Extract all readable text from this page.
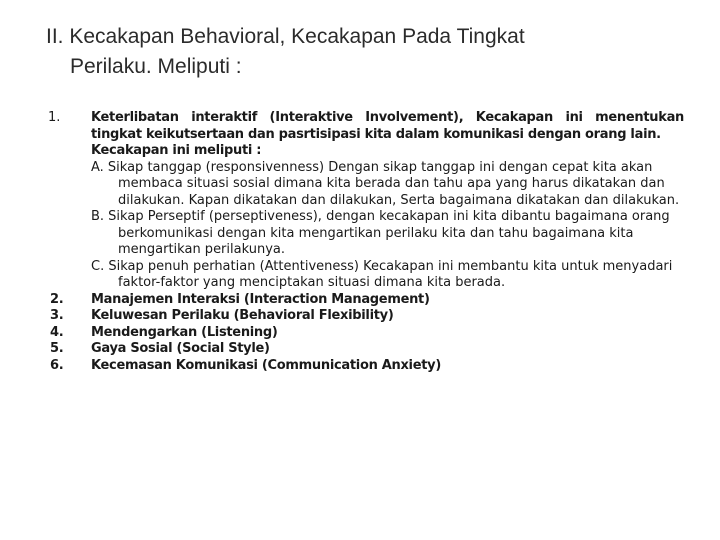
II. Kecakapan Behavioral, Kecakapan Pada Tingkat
Perilaku. Meliputi :
1. Keterlibatan interaktif (Interaktive Involvement), Kecakapan ini menentukan tingkat keikutsertaan dan pasrtisipasi kita dalam komunikasi dengan orang lain.
Kecakapan ini meliputi :
A. Sikap tanggap (responsivenness) Dengan sikap tanggap ini dengan cepat kita akan membaca situasi sosial dimana kita berada dan tahu apa yang harus dikatakan dan dilakukan. Kapan dikatakan dan dilakukan, Serta bagaimana dikatakan dan dilakukan.
B. Sikap Perseptif (perseptiveness), dengan kecakapan ini kita dibantu bagaimana orang berkomunikasi dengan kita mengartikan perilaku kita dan tahu bagaimana kita mengartikan perilakunya.
C. Sikap penuh perhatian (Attentiveness) Kecakapan ini membantu kita untuk menyadari faktor-faktor yang menciptakan situasi dimana kita berada.
2. Manajemen Interaksi (Interaction Management)
3. Keluwesan Perilaku (Behavioral Flexibility)
4. Mendengarkan (Listening)
5. Gaya Sosial (Social Style)
6. Kecemasan Komunikasi (Communication Anxiety)
